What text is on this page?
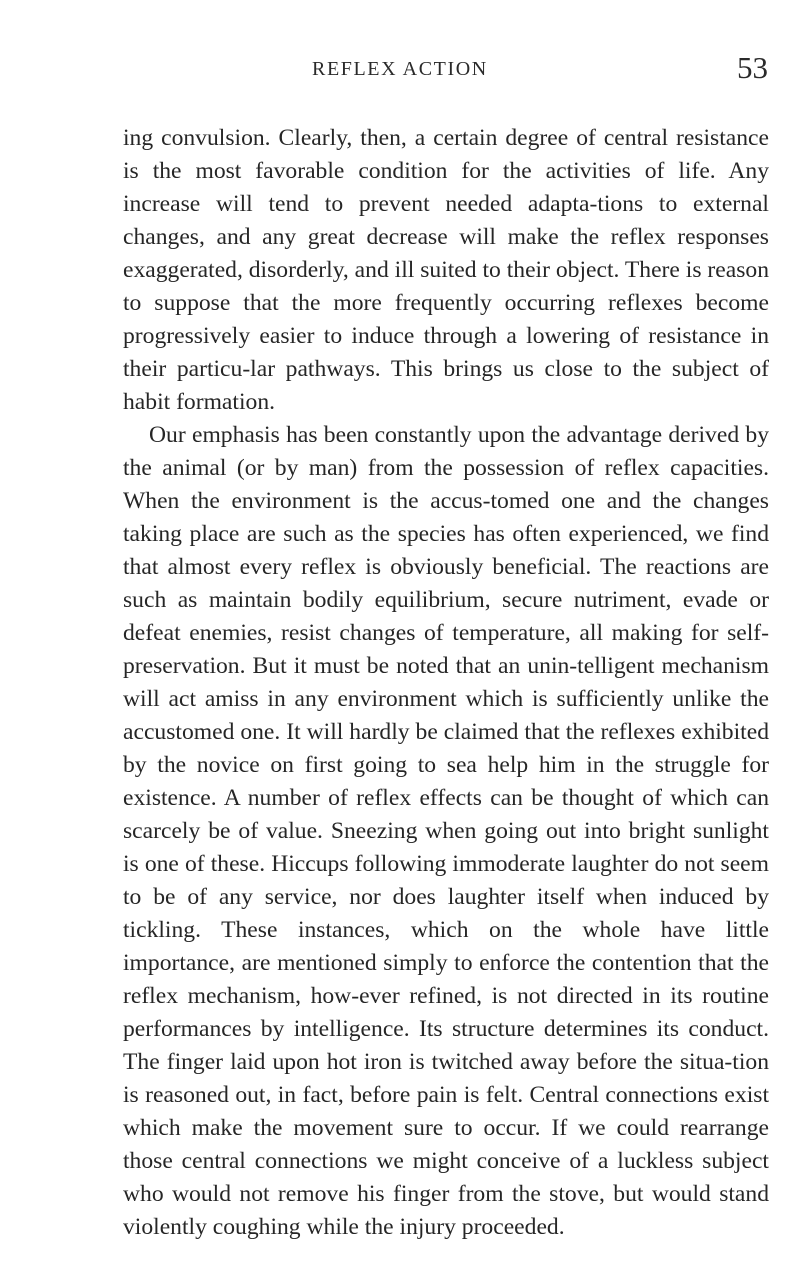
REFLEX ACTION	53

ing convulsion. Clearly, then, a certain degree of central resistance is the most favorable condition for the activities of life. Any increase will tend to prevent needed adapta-tions to external changes, and any great decrease will make the reflex responses exaggerated, disorderly, and ill suited to their object. There is reason to suppose that the more frequently occurring reflexes become progressively easier to induce through a lowering of resistance in their particu-lar pathways. This brings us close to the subject of habit formation.

Our emphasis has been constantly upon the advantage derived by the animal (or by man) from the possession of reflex capacities. When the environment is the accus-tomed one and the changes taking place are such as the species has often experienced, we find that almost every reflex is obviously beneficial. The reactions are such as maintain bodily equilibrium, secure nutriment, evade or defeat enemies, resist changes of temperature, all making for self-preservation. But it must be noted that an unin-telligent mechanism will act amiss in any environment which is sufficiently unlike the accustomed one. It will hardly be claimed that the reflexes exhibited by the novice on first going to sea help him in the struggle for existence. A number of reflex effects can be thought of which can scarcely be of value. Sneezing when going out into bright sunlight is one of these. Hiccups following immoderate laughter do not seem to be of any service, nor does laughter itself when induced by tickling. These instances, which on the whole have little importance, are mentioned simply to enforce the contention that the reflex mechanism, how-ever refined, is not directed in its routine performances by intelligence. Its structure determines its conduct. The finger laid upon hot iron is twitched away before the situa-tion is reasoned out, in fact, before pain is felt. Central connections exist which make the movement sure to occur. If we could rearrange those central connections we might conceive of a luckless subject who would not remove his finger from the stove, but would stand violently coughing while the injury proceeded.
